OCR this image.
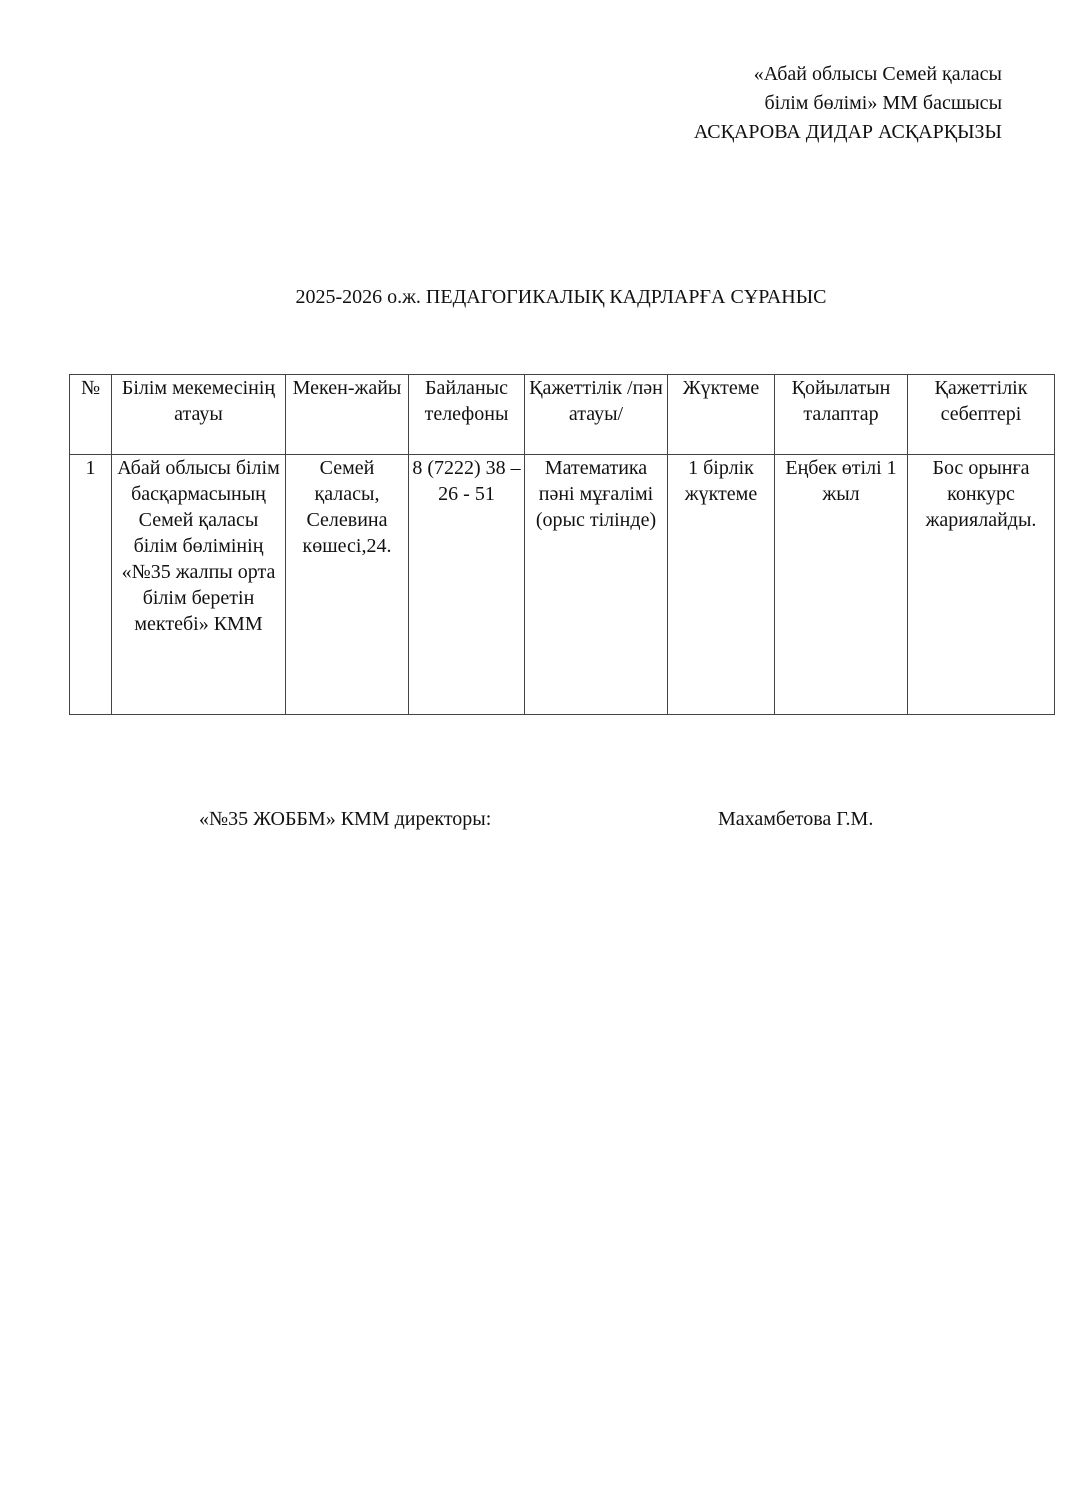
«Абай облысы Семей қаласы
білім бөлімі» ММ басшысы
АСҚАРОВА ДИДАР АСҚАРҚЫЗЫ
2025-2026 о.ж. ПЕДАГОГИКАЛЫҚ КАДРЛАРҒА СҰРАНЫС
№	Білім мекемесінің атауы	Мекен-жайы	Байланыс телефоны	Қажеттілік /пән атауы/	Жүктеме	Қойылатын талаптар	Қажеттілік себептері
1	Абай облысы білім басқармасының Семей қаласы білім бөлімінің «№35 жалпы орта білім беретін мектебі» КММ	Семей қаласы, Селевина көшесі,24.	8 (7222) 38 – 26 - 51	Математика пәні мұғалімі (орыс тілінде)	1 бірлік жүктеме	Еңбек өтілі 1 жыл	Бос орынға конкурс жариялайды.
«№35 ЖОББМ» КММ директоры:	Махамбетова Г.М.
